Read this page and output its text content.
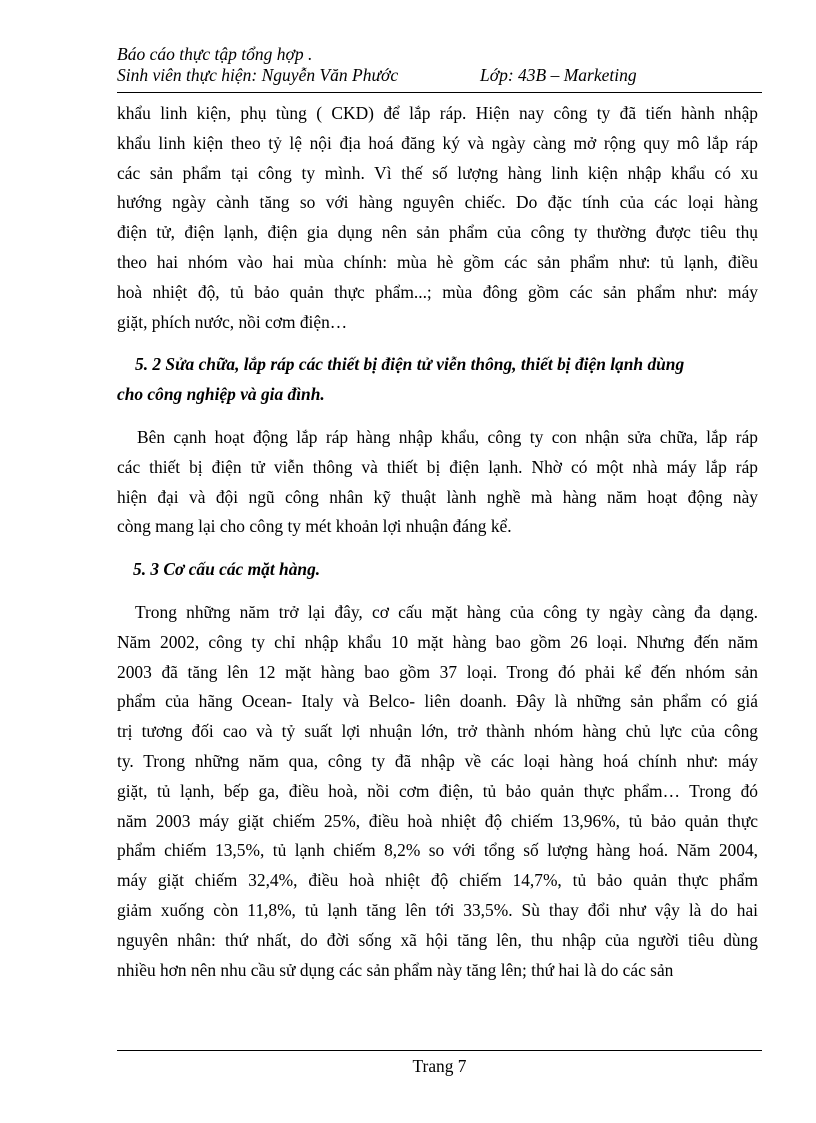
Báo cáo thực tập tổng hợp .
Sinh viên thực hiện: Nguyễn Văn Phước	Lớp: 43B – Marketing
khẩu linh kiện, phụ tùng ( CKD) để lắp ráp. Hiện nay công ty đã tiến hành nhập
khẩu linh kiện theo tỷ lệ nội địa hoá đăng ký và ngày càng mở rộng quy mô lắp ráp
các sản phẩm tại công ty mình. Vì thế số lượng hàng linh kiện nhập khẩu có xu
hướng ngày cành tăng so với hàng nguyên chiếc. Do đặc tính của các loại hàng
điện tử, điện lạnh, điện gia dụng nên sản phẩm của công ty thường được tiêu thụ
theo hai nhóm vào hai mùa chính: mùa hè gồm các sản phẩm như: tủ lạnh, điều
hoà nhiệt độ, tủ bảo quản thực phẩm...; mùa đông gồm các sản phẩm như: máy
giặt, phích nước, nồi cơm điện…
5. 2 Sửa chữa, lắp ráp các thiết bị điện tử viễn thông, thiết bị điện lạnh dùng
cho công nghiệp và gia đình.
Bên cạnh hoạt động lắp ráp hàng nhập khẩu, công ty con nhận sửa chữa, lắp ráp
các thiết bị điện tử viễn thông và thiết bị điện lạnh. Nhờ có một nhà máy lắp ráp
hiện đại và đội ngũ công nhân kỹ thuật lành nghề mà hàng năm hoạt động này
còng mang lại cho công ty mét khoản lợi nhuận đáng kể.
5. 3 Cơ cấu các mặt hàng.
Trong những năm trở lại đây, cơ cấu mặt hàng của công ty ngày càng đa dạng.
Năm 2002, công ty chỉ nhập khẩu 10 mặt hàng bao gồm 26 loại. Nhưng đến năm
2003 đã tăng lên 12 mặt hàng bao gồm 37 loại. Trong đó phải kể đến nhóm sản
phẩm của hãng Ocean- Italy và Belco- liên doanh. Đây là những sản phẩm có giá
trị tương đối cao và tỷ suất lợi nhuận lớn, trở thành nhóm hàng chủ lực của công
ty. Trong những năm qua, công ty đã nhập về các loại hàng hoá chính như: máy
giặt, tủ lạnh, bếp ga, điều hoà, nồi cơm điện, tủ bảo quản thực phẩm… Trong đó
năm 2003 máy giặt chiếm 25%, điều hoà nhiệt độ chiếm 13,96%, tủ bảo quản thực
phẩm chiếm 13,5%, tủ lạnh chiếm 8,2% so với tổng số lượng hàng hoá. Năm 2004,
máy giặt chiếm 32,4%, điều hoà nhiệt độ chiếm 14,7%, tủ bảo quản thực phẩm
giảm xuống còn 11,8%, tủ lạnh tăng lên tới 33,5%. Sù thay đổi như vậy là do hai
nguyên nhân: thứ nhất, do đời sống xã hội tăng lên, thu nhập của người tiêu dùng
nhiều hơn nên nhu cầu sử dụng các sản phẩm này tăng lên; thứ hai là do các sản
Trang 7
